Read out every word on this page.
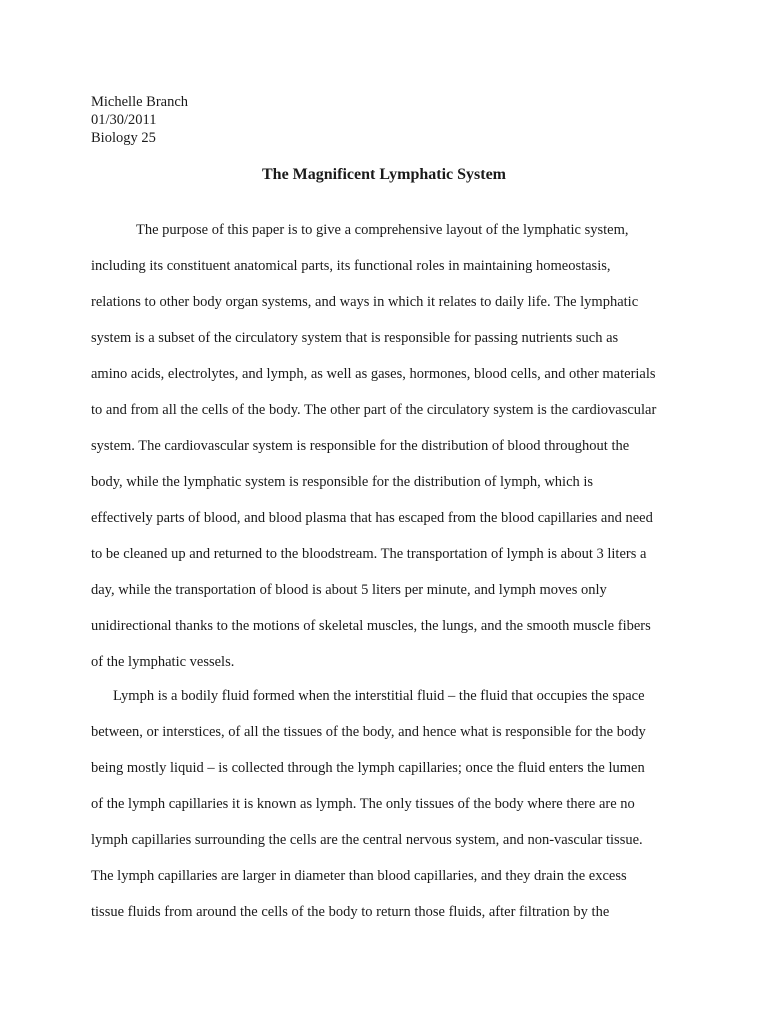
Michelle Branch
01/30/2011
Biology 25
The Magnificent Lymphatic System
The purpose of this paper is to give a comprehensive layout of the lymphatic system,
including its constituent anatomical parts, its functional roles in maintaining homeostasis,
relations to other body organ systems, and ways in which it relates to daily life. The lymphatic
system is a subset of the circulatory system that is responsible for passing nutrients such as
amino acids, electrolytes, and lymph, as well as gases, hormones, blood cells, and other materials
to and from all the cells of the body. The other part of the circulatory system is the cardiovascular
system. The cardiovascular system is responsible for the distribution of blood throughout the
body, while the lymphatic system is responsible for the distribution of lymph, which is
effectively parts of blood, and blood plasma that has escaped from the blood capillaries and need
to be cleaned up and returned to the bloodstream. The transportation of lymph is about 3 liters a
day, while the transportation of blood is about 5 liters per minute, and lymph moves only
unidirectional thanks to the motions of skeletal muscles, the lungs, and the smooth muscle fibers
of the lymphatic vessels.
Lymph is a bodily fluid formed when the interstitial fluid – the fluid that occupies the space
between, or interstices, of all the tissues of the body, and hence what is responsible for the body
being mostly liquid – is collected through the lymph capillaries; once the fluid enters the lumen
of the lymph capillaries it is known as lymph. The only tissues of the body where there are no
lymph capillaries surrounding the cells are the central nervous system, and non-vascular tissue.
The lymph capillaries are larger in diameter than blood capillaries, and they drain the excess
tissue fluids from around the cells of the body to return those fluids, after filtration by the
